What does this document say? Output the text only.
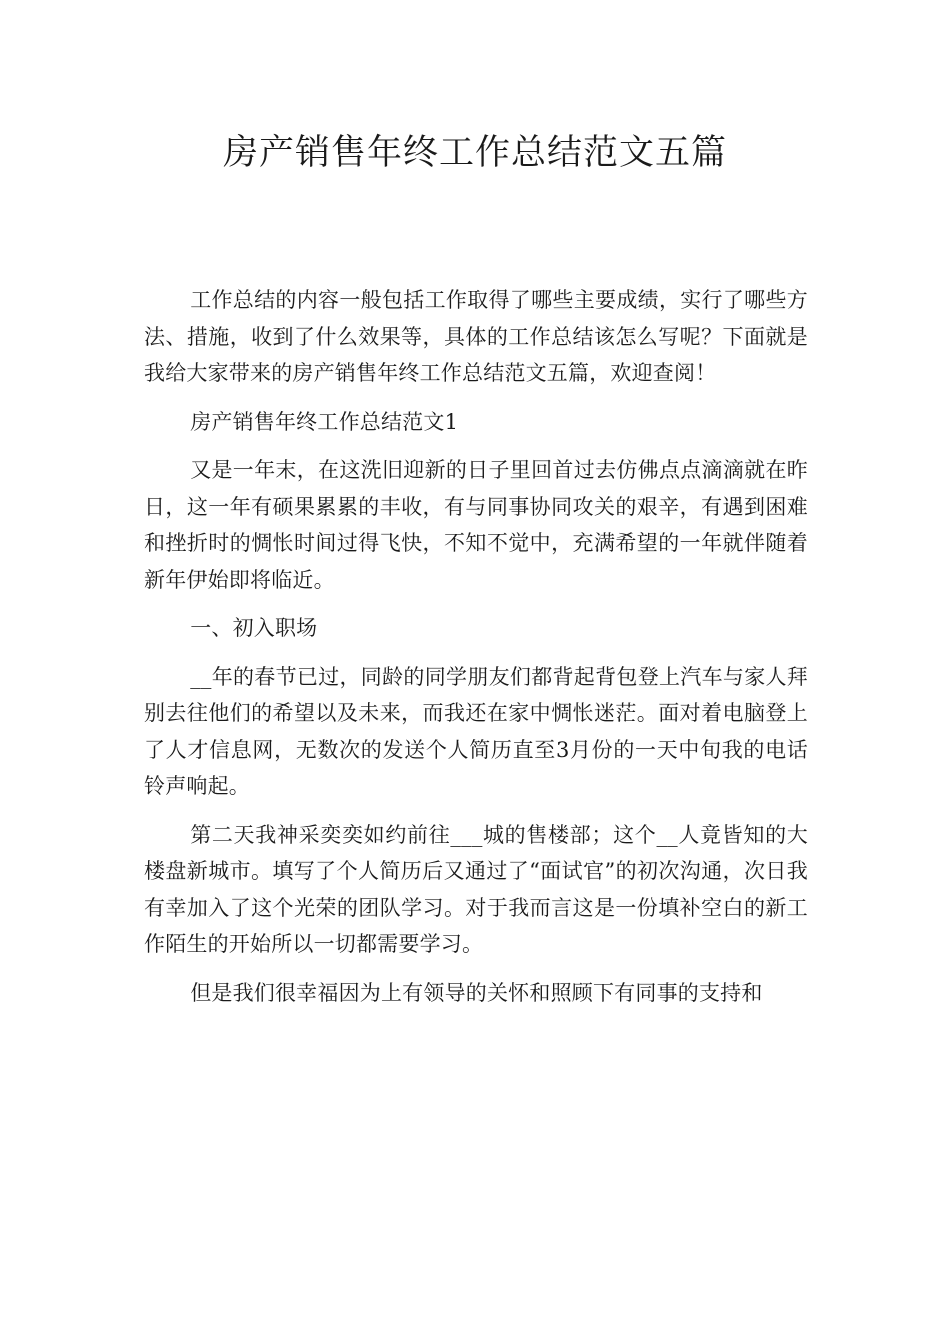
房产销售年终工作总结范文五篇

工作总结的内容一般包括工作取得了哪些主要成绩，实行了哪些方法、措施，收到了什么效果等，具体的工作总结该怎么写呢？下面就是我给大家带来的房产销售年终工作总结范文五篇，欢迎查阅！

房产销售年终工作总结范文1

又是一年末，在这洗旧迎新的日子里回首过去仿佛点点滴滴就在昨日，这一年有硕果累累的丰收，有与同事协同攻关的艰辛，有遇到困难和挫折时的惆怅时间过得飞快，不知不觉中，充满希望的一年就伴随着新年伊始即将临近。

一、初入职场

__年的春节已过，同龄的同学朋友们都背起背包登上汽车与家人拜别去往他们的希望以及未来，而我还在家中惆怅迷茫。面对着电脑登上了人才信息网，无数次的发送个人简历直至3月份的一天中旬我的电话铃声响起。

第二天我神采奕奕如约前往___城的售楼部；这个__人竟皆知的大楼盘新城市。填写了个人简历后又通过了“面试官”的初次沟通，次日我有幸加入了这个光荣的团队学习。对于我而言这是一份填补空白的新工作陌生的开始所以一切都需要学习。

但是我们很幸福因为上有领导的关怀和照顾下有同事的支持和
